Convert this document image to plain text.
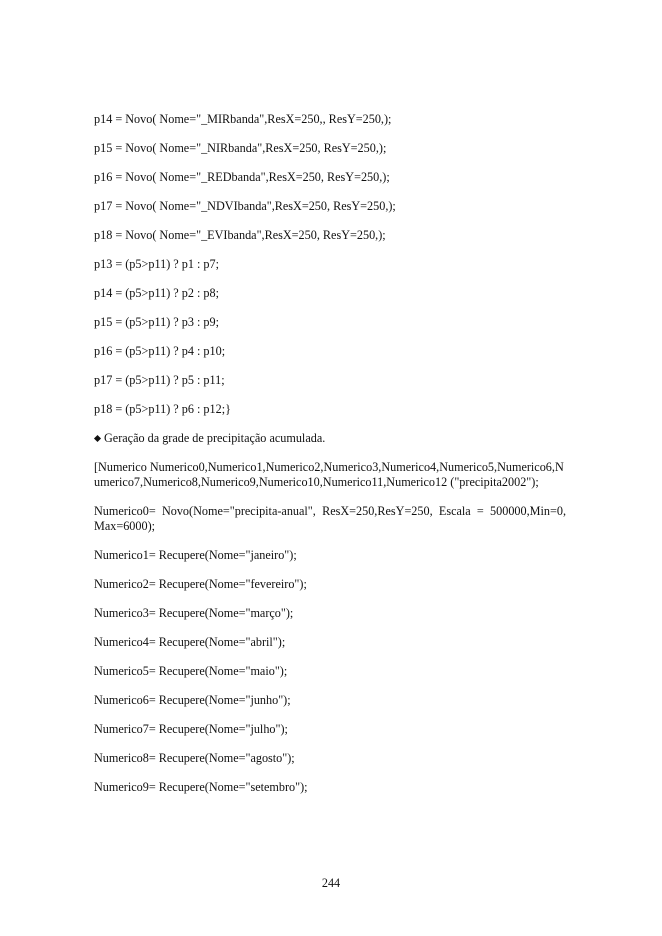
p14 = Novo( Nome="_MIRbanda",ResX=250,, ResY=250,);
p15 = Novo( Nome="_NIRbanda",ResX=250, ResY=250,);
p16 = Novo( Nome="_REDbanda",ResX=250, ResY=250,);
p17 = Novo( Nome="_NDVIbanda",ResX=250, ResY=250,);
p18 = Novo( Nome="_EVIbanda",ResX=250, ResY=250,);
p13 = (p5>p11) ? p1 : p7;
p14 = (p5>p11) ? p2 : p8;
p15 = (p5>p11) ? p3 : p9;
p16 = (p5>p11) ? p4 : p10;
p17 = (p5>p11) ? p5 : p11;
p18 = (p5>p11) ? p6 : p12;}
Geração da grade de precipitação acumulada.
[Numerico Numerico0,Numerico1,Numerico2,Numerico3,Numerico4,Numerico5,Numerico6,Numerico7,Numerico8,Numerico9,Numerico10,Numerico11,Numerico12 ("precipita2002");
Numerico0= Novo(Nome="precipita-anual", ResX=250,ResY=250, Escala = 500000,Min=0, Max=6000);
Numerico1= Recupere(Nome="janeiro");
Numerico2= Recupere(Nome="fevereiro");
Numerico3= Recupere(Nome="março");
Numerico4= Recupere(Nome="abril");
Numerico5= Recupere(Nome="maio");
Numerico6= Recupere(Nome="junho");
Numerico7= Recupere(Nome="julho");
Numerico8= Recupere(Nome="agosto");
Numerico9= Recupere(Nome="setembro");
244
